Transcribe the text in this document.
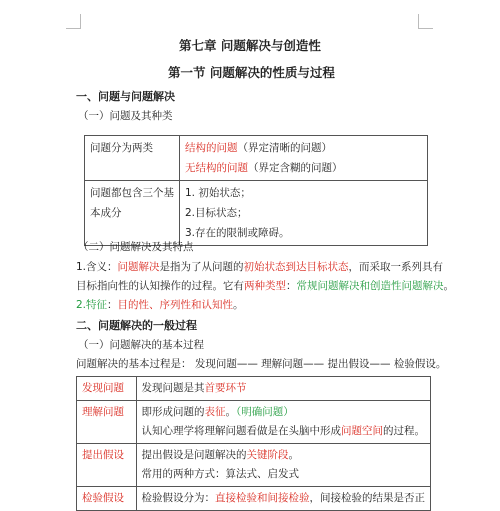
第七章 问题解决与创造性
第一节 问题解决的性质与过程
一、问题与问题解决
（一）问题及其种类
问题分为两类	结构的问题（界定清晰的问题）
无结构的问题（界定含糊的问题）

问题都包含三个基
本成分	1. 初始状态；
2.目标状态；
3.存在的限制或障碍。
（二）问题解决及其特点
1.含义：问题解决是指为了从问题的初始状态到达目标状态，而采取一系列具有
目标指向性的认知操作的过程。它有两种类型：常规问题解决和创造性问题解决。
2.特征：目的性、序列性和认知性。
二、问题解决的一般过程
（一）问题解决的基本过程
问题解决的基本过程是： 发现问题—— 理解问题—— 提出假设—— 检验假设。
发现问题	发现问题是其首要环节
理解问题	即形成问题的表征。（明确问题）
认知心理学将理解问题看做是在头脑中形成问题空间的过程。

提出假设	提出假设是问题解决的关键阶段。
常用的两种方式：算法式、启发式

检验假设	检验假设分为：直接检验和间接检验，间接检验的结果是否正
